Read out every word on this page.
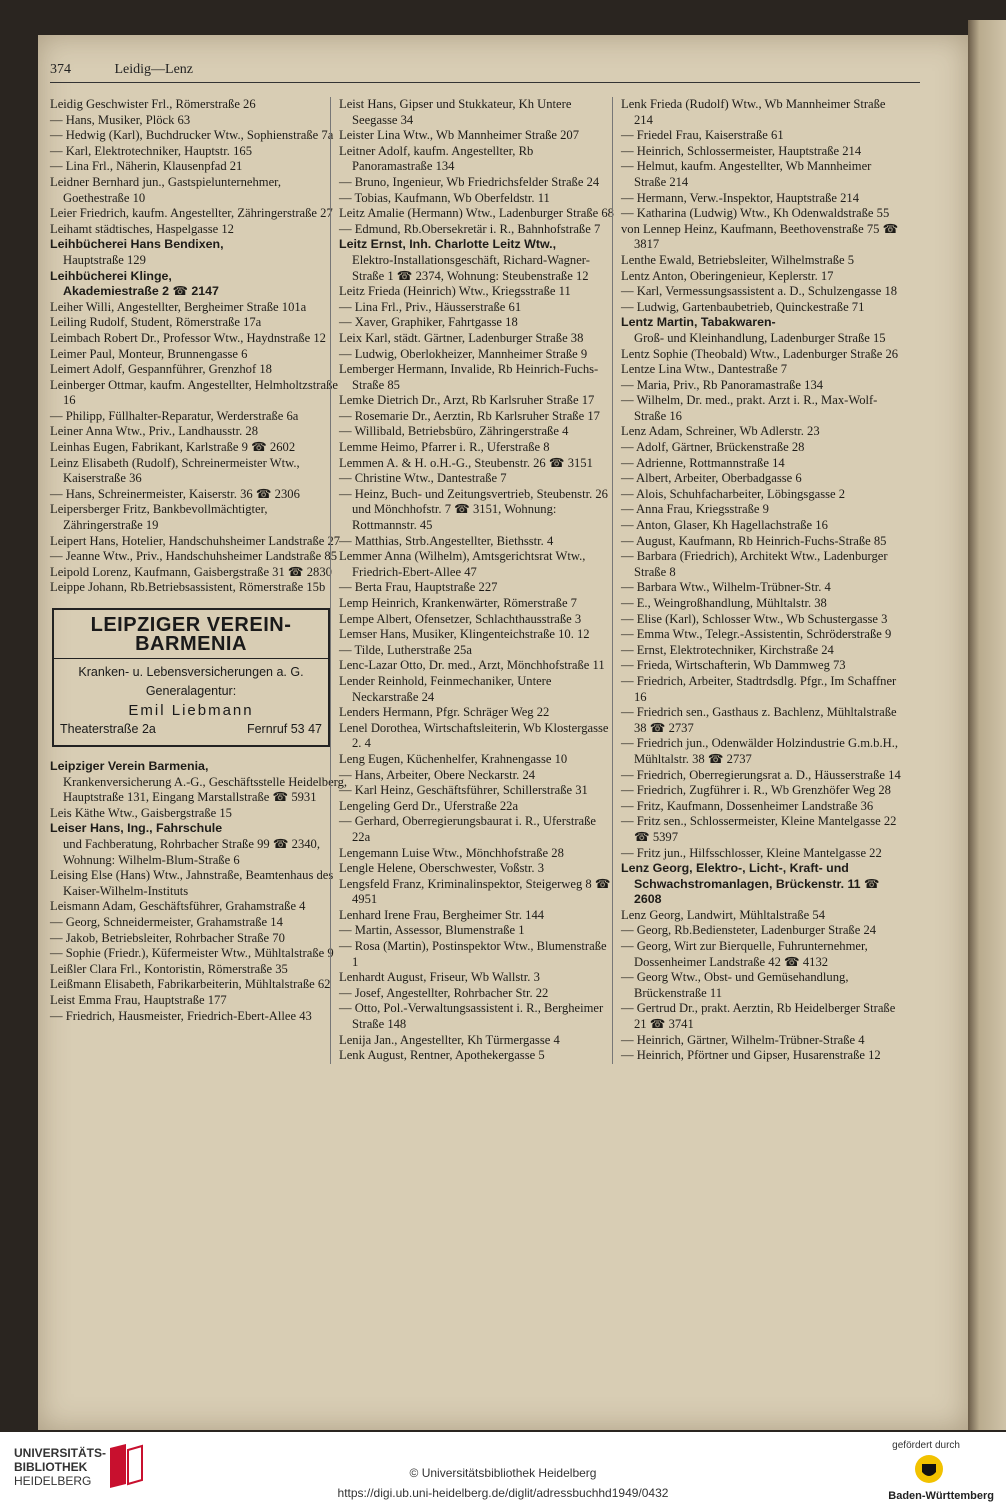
374	Leidig—Lenz

Leidig Geschwister Frl., Römerstraße 26

— Hans, Musiker, Plöck 63

— Hedwig (Karl), Buchdrucker Wtw., Sophienstraße 7a

— Karl, Elektrotechniker, Hauptstr. 165

— Lina Frl., Näherin, Klausenpfad 21

Leidner Bernhard jun., Gastspielunternehmer, Goethestraße 10

Leier Friedrich, kaufm. Angestellter, Zähringerstraße 27

Leihamt städtisches, Haspelgasse 12

Leihbücherei Hans Bendixen,

Hauptstraße 129

Leihbücherei Klinge,

Akademiestraße 2 ☎ 2147

Leiher Willi, Angestellter, Bergheimer Straße 101a

Leiling Rudolf, Student, Römerstraße 17a

Leimbach Robert Dr., Professor Wtw., Haydnstraße 12

Leimer Paul, Monteur, Brunnengasse 6

Leimert Adolf, Gespannführer, Grenzhof 18

Leinberger Ottmar, kaufm. Angestellter, Helmholtzstraße 16

— Philipp, Füllhalter-Reparatur, Werderstraße 6a

Leiner Anna Wtw., Priv., Landhausstr. 28

Leinhas Eugen, Fabrikant, Karlstraße 9 ☎ 2602

Leinz Elisabeth (Rudolf), Schreinermeister Wtw., Kaiserstraße 36

— Hans, Schreinermeister, Kaiserstr. 36 ☎ 2306

Leipersberger Fritz, Bankbevollmächtigter, Zähringerstraße 19

Leipert Hans, Hotelier, Handschuhsheimer Landstraße 27

— Jeanne Wtw., Priv., Handschuhsheimer Landstraße 85

Leipold Lorenz, Kaufmann, Gaisbergstraße 31 ☎ 2830

Leippe Johann, Rb.Betriebsassistent, Römerstraße 15b

LEIPZIGER VEREIN-BARMENIA
Kranken- u. Lebensversicherungen a. G.
Generalagentur:
Emil Liebmann
Theaterstraße 2a	Fernruf 53 47

Leipziger Verein Barmenia,

Krankenversicherung A.-G., Geschäftsstelle Heidelberg, Hauptstraße 131, Eingang Marstallstraße ☎ 5931

Leis Käthe Wtw., Gaisbergstraße 15

Leiser Hans, Ing., Fahrschule

und Fachberatung, Rohrbacher Straße 99 ☎ 2340, Wohnung: Wilhelm-Blum-Straße 6

Leising Else (Hans) Wtw., Jahnstraße, Beamtenhaus des Kaiser-Wilhelm-Instituts

Leismann Adam, Geschäftsführer, Grahamstraße 4

— Georg, Schneidermeister, Grahamstraße 14

— Jakob, Betriebsleiter, Rohrbacher Straße 70

— Sophie (Friedr.), Küfermeister Wtw., Mühltalstraße 9

Leißler Clara Frl., Kontoristin, Römerstraße 35

Leißmann Elisabeth, Fabrikarbeiterin, Mühltalstraße 62

Leist Emma Frau, Hauptstraße 177

— Friedrich, Hausmeister, Friedrich-Ebert-Allee 43

Leist Hans, Gipser und Stukkateur, Kh Untere Seegasse 34

Leister Lina Wtw., Wb Mannheimer Straße 207

Leitner Adolf, kaufm. Angestellter, Rb Panoramastraße 134

— Bruno, Ingenieur, Wb Friedrichsfelder Straße 24

— Tobias, Kaufmann, Wb Oberfeldstr. 11

Leitz Amalie (Hermann) Wtw., Ladenburger Straße 68

— Edmund, Rb.Obersekretär i. R., Bahnhofstraße 7

Leitz Ernst, Inh. Charlotte Leitz Wtw.,

Elektro-Installationsgeschäft, Richard-Wagner-Straße 1 ☎ 2374, Wohnung: Steubenstraße 12

Leitz Frieda (Heinrich) Wtw., Kriegsstraße 11

— Lina Frl., Priv., Häusserstraße 61

— Xaver, Graphiker, Fahrtgasse 18

Leix Karl, städt. Gärtner, Ladenburger Straße 38

— Ludwig, Oberlokheizer, Mannheimer Straße 9

Lemberger Hermann, Invalide, Rb Heinrich-Fuchs-Straße 85

Lemke Dietrich Dr., Arzt, Rb Karlsruher Straße 17

— Rosemarie Dr., Aerztin, Rb Karlsruher Straße 17

— Willibald, Betriebsbüro, Zähringerstraße 4

Lemme Heimo, Pfarrer i. R., Uferstraße 8

Lemmen A. & H. o.H.-G., Steubenstr. 26 ☎ 3151

— Christine Wtw., Dantestraße 7

— Heinz, Buch- und Zeitungsvertrieb, Steubenstr. 26 und Mönchhofstr. 7 ☎ 3151, Wohnung: Rottmannstr. 45

— Matthias, Strb.Angestellter, Biethsstr. 4

Lemmer Anna (Wilhelm), Amtsgerichtsrat Wtw., Friedrich-Ebert-Allee 47

— Berta Frau, Hauptstraße 227

Lemp Heinrich, Krankenwärter, Römerstraße 7

Lempe Albert, Ofensetzer, Schlachthausstraße 3

Lemser Hans, Musiker, Klingenteichstraße 10. 12

— Tilde, Lutherstraße 25a

Lenc-Lazar Otto, Dr. med., Arzt, Mönchhofstraße 11

Lender Reinhold, Feinmechaniker, Untere Neckarstraße 24

Lenders Hermann, Pfgr. Schräger Weg 22

Lenel Dorothea, Wirtschaftsleiterin, Wb Klostergasse 2. 4

Leng Eugen, Küchenhelfer, Krahnengasse 10

— Hans, Arbeiter, Obere Neckarstr. 24

— Karl Heinz, Geschäftsführer, Schillerstraße 31

Lengeling Gerd Dr., Uferstraße 22a

— Gerhard, Oberregierungsbaurat i. R., Uferstraße 22a

Lengemann Luise Wtw., Mönchhofstraße 28

Lengle Helene, Oberschwester, Voßstr. 3

Lengsfeld Franz, Kriminalinspektor, Steigerweg 8 ☎ 4951

Lenhard Irene Frau, Bergheimer Str. 144

— Martin, Assessor, Blumenstraße 1

— Rosa (Martin), Postinspektor Wtw., Blumenstraße 1

Lenhardt August, Friseur, Wb Wallstr. 3

— Josef, Angestellter, Rohrbacher Str. 22

— Otto, Pol.-Verwaltungsassistent i. R., Bergheimer Straße 148

Lenija Jan., Angestellter, Kh Türmergasse 4

Lenk August, Rentner, Apothekergasse 5

Lenk Frieda (Rudolf) Wtw., Wb Mannheimer Straße 214

— Friedel Frau, Kaiserstraße 61

— Heinrich, Schlossermeister, Hauptstraße 214

— Helmut, kaufm. Angestellter, Wb Mannheimer Straße 214

— Hermann, Verw.-Inspektor, Hauptstraße 214

— Katharina (Ludwig) Wtw., Kh Odenwaldstraße 55

von Lennep Heinz, Kaufmann, Beethovenstraße 75 ☎ 3817

Lenthe Ewald, Betriebsleiter, Wilhelmstraße 5

Lentz Anton, Oberingenieur, Keplerstr. 17

— Karl, Vermessungsassistent a. D., Schulzengasse 18

— Ludwig, Gartenbaubetrieb, Quinckestraße 71

Lentz Martin, Tabakwaren-

Groß- und Kleinhandlung, Ladenburger Straße 15

Lentz Sophie (Theobald) Wtw., Ladenburger Straße 26

Lentze Lina Wtw., Dantestraße 7

— Maria, Priv., Rb Panoramastraße 134

— Wilhelm, Dr. med., prakt. Arzt i. R., Max-Wolf-Straße 16

Lenz Adam, Schreiner, Wb Adlerstr. 23

— Adolf, Gärtner, Brückenstraße 28

— Adrienne, Rottmannstraße 14

— Albert, Arbeiter, Oberbadgasse 6

— Alois, Schuhfacharbeiter, Löbingsgasse 2

— Anna Frau, Kriegsstraße 9

— Anton, Glaser, Kh Hagellachstraße 16

— August, Kaufmann, Rb Heinrich-Fuchs-Straße 85

— Barbara (Friedrich), Architekt Wtw., Ladenburger Straße 8

— Barbara Wtw., Wilhelm-Trübner-Str. 4

— E., Weingroßhandlung, Mühltalstr. 38

— Elise (Karl), Schlosser Wtw., Wb Schustergasse 3

— Emma Wtw., Telegr.-Assistentin, Schröderstraße 9

— Ernst, Elektrotechniker, Kirchstraße 24

— Frieda, Wirtschafterin, Wb Dammweg 73

— Friedrich, Arbeiter, Stadtrdsdlg. Pfgr., Im Schaffner 16

— Friedrich sen., Gasthaus z. Bachlenz, Mühltalstraße 38 ☎ 2737

— Friedrich jun., Odenwälder Holzindustrie G.m.b.H., Mühltalstr. 38 ☎ 2737

— Friedrich, Oberregierungsrat a. D., Häusserstraße 14

— Friedrich, Zugführer i. R., Wb Grenzhöfer Weg 28

— Fritz, Kaufmann, Dossenheimer Landstraße 36

— Fritz sen., Schlossermeister, Kleine Mantelgasse 22 ☎ 5397

— Fritz jun., Hilfsschlosser, Kleine Mantelgasse 22

Lenz Georg, Elektro-, Licht-, Kraft- und Schwachstromanlagen, Brückenstr. 11 ☎ 2608

Lenz Georg, Landwirt, Mühltalstraße 54

— Georg, Rb.Bediensteter, Ladenburger Straße 24

— Georg, Wirt zur Bierquelle, Fuhrunternehmer, Dossenheimer Landstraße 42 ☎ 4132

— Georg Wtw., Obst- und Gemüsehandlung, Brückenstraße 11

— Gertrud Dr., prakt. Aerztin, Rb Heidelberger Straße 21 ☎ 3741

— Heinrich, Gärtner, Wilhelm-Trübner-Straße 4

— Heinrich, Pförtner und Gipser, Husarenstraße 12

UNIVERSITÄTS-
BIBLIOTHEK
HEIDELBERG
© Universitätsbibliothek Heidelberg
https://digi.ub.uni-heidelberg.de/diglit/adressbuchhd1949/0432
gefördert durch
Baden-Württemberg
